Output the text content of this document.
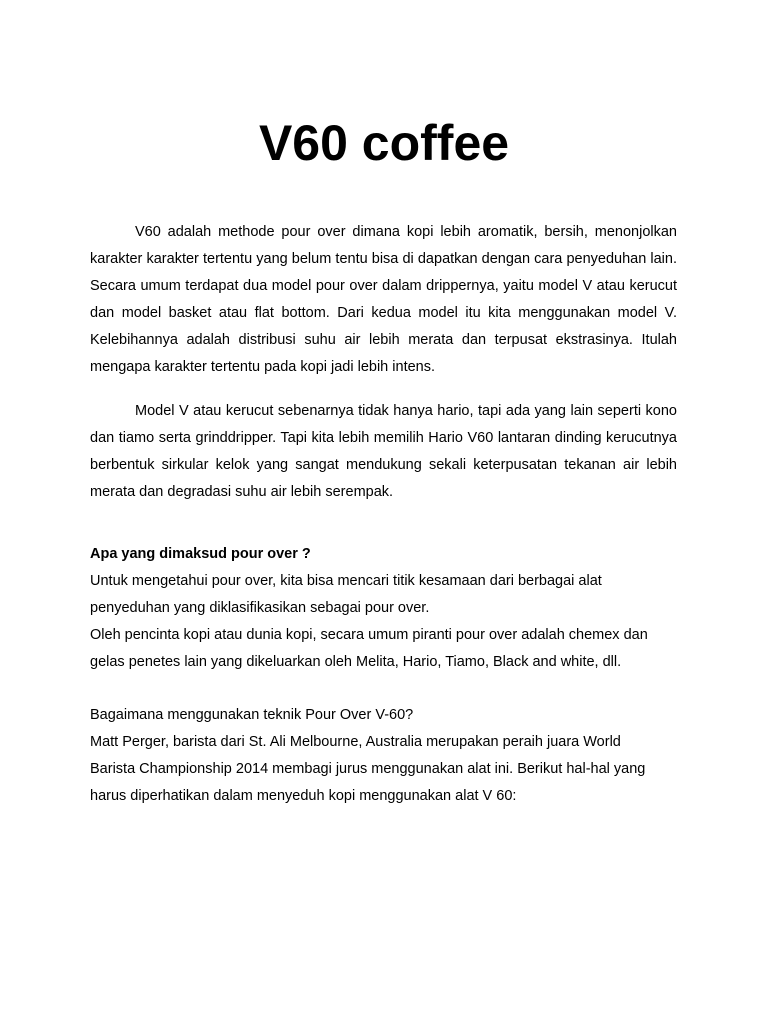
V60 coffee

V60 adalah methode pour over dimana kopi lebih aromatik, bersih, menonjolkan karakter karakter tertentu yang belum tentu bisa di dapatkan dengan cara penyeduhan lain. Secara umum terdapat dua model pour over dalam drippernya, yaitu model V atau kerucut dan model basket atau flat bottom. Dari kedua model itu kita menggunakan model V. Kelebihannya adalah distribusi suhu air lebih merata dan terpusat ekstrasinya. Itulah mengapa karakter tertentu pada kopi jadi lebih intens.

Model V atau kerucut sebenarnya tidak hanya hario, tapi ada yang lain seperti kono dan tiamo serta grinddripper. Tapi kita lebih memilih Hario V60 lantaran dinding kerucutnya berbentuk sirkular kelok yang sangat mendukung sekali keterpusatan tekanan air lebih merata dan degradasi suhu air lebih serempak.

Apa yang dimaksud pour over ?
Untuk mengetahui pour over, kita bisa mencari titik kesamaan dari berbagai alat
penyeduhan yang diklasifikasikan sebagai pour over.
Oleh pencinta kopi atau dunia kopi, secara umum piranti pour over adalah chemex dan
gelas penetes lain yang dikeluarkan oleh Melita, Hario, Tiamo, Black and white, dll.
Bagaimana menggunakan teknik Pour Over V-60?
Matt Perger, barista dari St. Ali Melbourne, Australia merupakan peraih juara World
Barista Championship 2014 membagi jurus menggunakan alat ini. Berikut hal-hal yang
harus diperhatikan dalam menyeduh kopi menggunakan alat V 60:
